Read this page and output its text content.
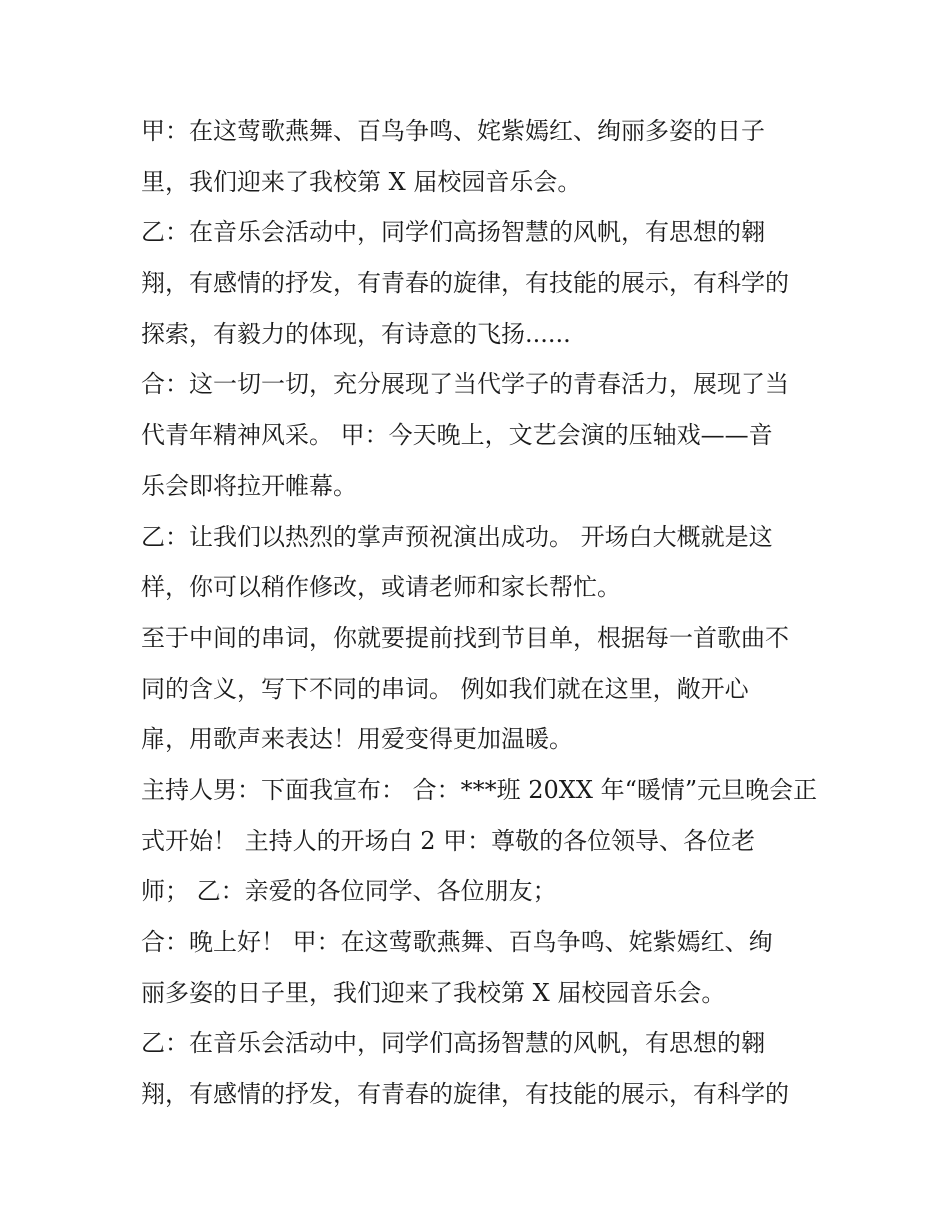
甲：在这莺歌燕舞、百鸟争鸣、姹紫嫣红、绚丽多姿的日子
里，我们迎来了我校第 X 届校园音乐会。
乙：在音乐会活动中，同学们高扬智慧的风帆，有思想的翱
翔，有感情的抒发，有青春的旋律，有技能的展示，有科学的
探索，有毅力的体现，有诗意的飞扬......
合：这一切一切，充分展现了当代学子的青春活力，展现了当
代青年精神风采。 甲：今天晚上，文艺会演的压轴戏——音
乐会即将拉开帷幕。
乙：让我们以热烈的掌声预祝演出成功。 开场白大概就是这
样，你可以稍作修改，或请老师和家长帮忙。
至于中间的串词，你就要提前找到节目单，根据每一首歌曲不
同的含义，写下不同的串词。 例如我们就在这里，敞开心
扉，用歌声来表达！用爱变得更加温暖。
主持人男：下面我宣布： 合：***班 20XX 年“暖情”元旦晚会正
式开始！ 主持人的开场白 2 甲：尊敬的各位领导、各位老
师； 乙：亲爱的各位同学、各位朋友；
合：晚上好！ 甲：在这莺歌燕舞、百鸟争鸣、姹紫嫣红、绚
丽多姿的日子里，我们迎来了我校第 X 届校园音乐会。
乙：在音乐会活动中，同学们高扬智慧的风帆，有思想的翱
翔，有感情的抒发，有青春的旋律，有技能的展示，有科学的
